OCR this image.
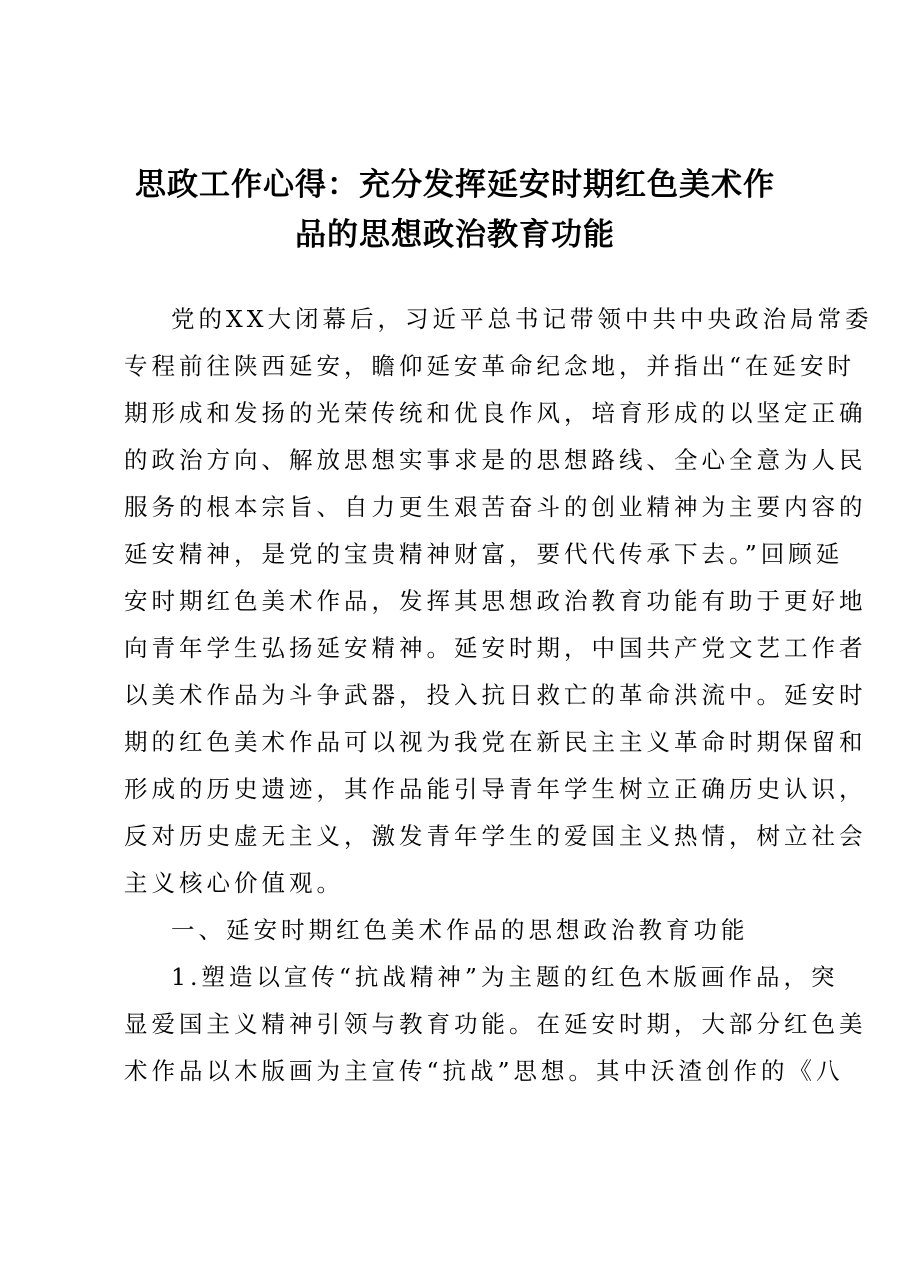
思政工作心得：充分发挥延安时期红色美术作
品的思想政治教育功能
党的XX大闭幕后，习近平总书记带领中共中央政治局常委
专程前往陕西延安，瞻仰延安革命纪念地，并指出“在延安时
期形成和发扬的光荣传统和优良作风，培育形成的以坚定正确
的政治方向、解放思想实事求是的思想路线、全心全意为人民
服务的根本宗旨、自力更生艰苦奋斗的创业精神为主要内容的
延安精神，是党的宝贵精神财富，要代代传承下去。”回顾延
安时期红色美术作品，发挥其思想政治教育功能有助于更好地
向青年学生弘扬延安精神。延安时期，中国共产党文艺工作者
以美术作品为斗争武器，投入抗日救亡的革命洪流中。延安时
期的红色美术作品可以视为我党在新民主主义革命时期保留和
形成的历史遗迹，其作品能引导青年学生树立正确历史认识，
反对历史虚无主义，激发青年学生的爱国主义热情，树立社会
主义核心价值观。
一、延安时期红色美术作品的思想政治教育功能
1.塑造以宣传“抗战精神”为主题的红色木版画作品，突
显爱国主义精神引领与教育功能。在延安时期，大部分红色美
术作品以木版画为主宣传“抗战”思想。其中沃渣创作的《八
